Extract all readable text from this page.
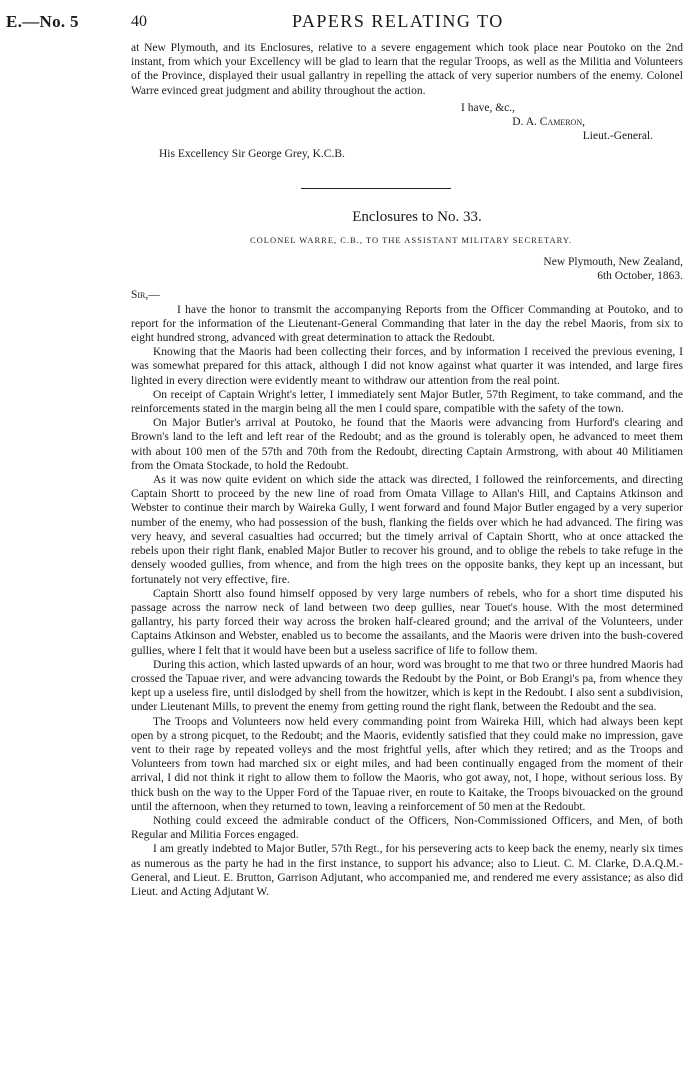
E.—No. 5	40	PAPERS RELATING TO

at New Plymouth, and its Enclosures, relative to a severe engagement which took place near Poutoko on the 2nd instant, from which your Excellency will be glad to learn that the regular Troops, as well as the Militia and Volunteers of the Province, displayed their usual gallantry in repelling the attack of very superior numbers of the enemy. Colonel Warre evinced great judgment and ability throughout the action.

I have, &c.,

D. A. Cameron,

Lieut.-General.

His Excellency Sir George Grey, K.C.B.

Enclosures to No. 33.

COLONEL WARRE, C.B., TO THE ASSISTANT MILITARY SECRETARY.

New Plymouth, New Zealand,
6th October, 1863.

Sir,—

I have the honor to transmit the accompanying Reports from the Officer Commanding at Poutoko, and to report for the information of the Lieutenant-General Commanding that later in the day the rebel Maoris, from six to eight hundred strong, advanced with great determination to attack the Redoubt.

Knowing that the Maoris had been collecting their forces, and by information I received the previous evening, I was somewhat prepared for this attack, although I did not know against what quarter it was intended, and large fires lighted in every direction were evidently meant to withdraw our attention from the real point.

On receipt of Captain Wright's letter, I immediately sent Major Butler, 57th Regiment, to take command, and the reinforcements stated in the margin being all the men I could spare, compatible with the safety of the town.

On Major Butler's arrival at Poutoko, he found that the Maoris were advancing from Hurford's clearing and Brown's land to the left and left rear of the Redoubt; and as the ground is tolerably open, he advanced to meet them with about 100 men of the 57th and 70th from the Redoubt, directing Captain Armstrong, with about 40 Militiamen from the Omata Stockade, to hold the Redoubt.

As it was now quite evident on which side the attack was directed, I followed the reinforcements, and directing Captain Shortt to proceed by the new line of road from Omata Village to Allan's Hill, and Captains Atkinson and Webster to continue their march by Waireka Gully, I went forward and found Major Butler engaged by a very superior number of the enemy, who had possession of the bush, flanking the fields over which he had advanced. The firing was very heavy, and several casualties had occurred; but the timely arrival of Captain Shortt, who at once attacked the rebels upon their right flank, enabled Major Butler to recover his ground, and to oblige the rebels to take refuge in the densely wooded gullies, from whence, and from the high trees on the opposite banks, they kept up an incessant, but fortunately not very effective, fire.

Captain Shortt also found himself opposed by very large numbers of rebels, who for a short time disputed his passage across the narrow neck of land between two deep gullies, near Touet's house. With the most determined gallantry, his party forced their way across the broken half-cleared ground; and the arrival of the Volunteers, under Captains Atkinson and Webster, enabled us to become the assailants, and the Maoris were driven into the bush-covered gullies, where I felt that it would have been but a useless sacrifice of life to follow them.

During this action, which lasted upwards of an hour, word was brought to me that two or three hundred Maoris had crossed the Tapuae river, and were advancing towards the Redoubt by the Point, or Bob Erangi's pa, from whence they kept up a useless fire, until dislodged by shell from the howitzer, which is kept in the Redoubt. I also sent a subdivision, under Lieutenant Mills, to prevent the enemy from getting round the right flank, between the Redoubt and the sea.

The Troops and Volunteers now held every commanding point from Waireka Hill, which had always been kept open by a strong picquet, to the Redoubt; and the Maoris, evidently satisfied that they could make no impression, gave vent to their rage by repeated volleys and the most frightful yells, after which they retired; and as the Troops and Volunteers from town had marched six or eight miles, and had been continually engaged from the moment of their arrival, I did not think it right to allow them to follow the Maoris, who got away, not, I hope, without serious loss. By thick bush on the way to the Upper Ford of the Tapuae river, en route to Kaitake, the Troops bivouacked on the ground until the afternoon, when they returned to town, leaving a reinforcement of 50 men at the Redoubt.

Nothing could exceed the admirable conduct of the Officers, Non-Commissioned Officers, and Men, of both Regular and Militia Forces engaged.

I am greatly indebted to Major Butler, 57th Regt., for his persevering acts to keep back the enemy, nearly six times as numerous as the party he had in the first instance, to support his advance; also to Lieut. C. M. Clarke, D.A.Q.M.-General, and Lieut. E. Brutton, Garrison Adjutant, who accompanied me, and rendered me every assistance; as also did Lieut. and Acting Adjutant W.
